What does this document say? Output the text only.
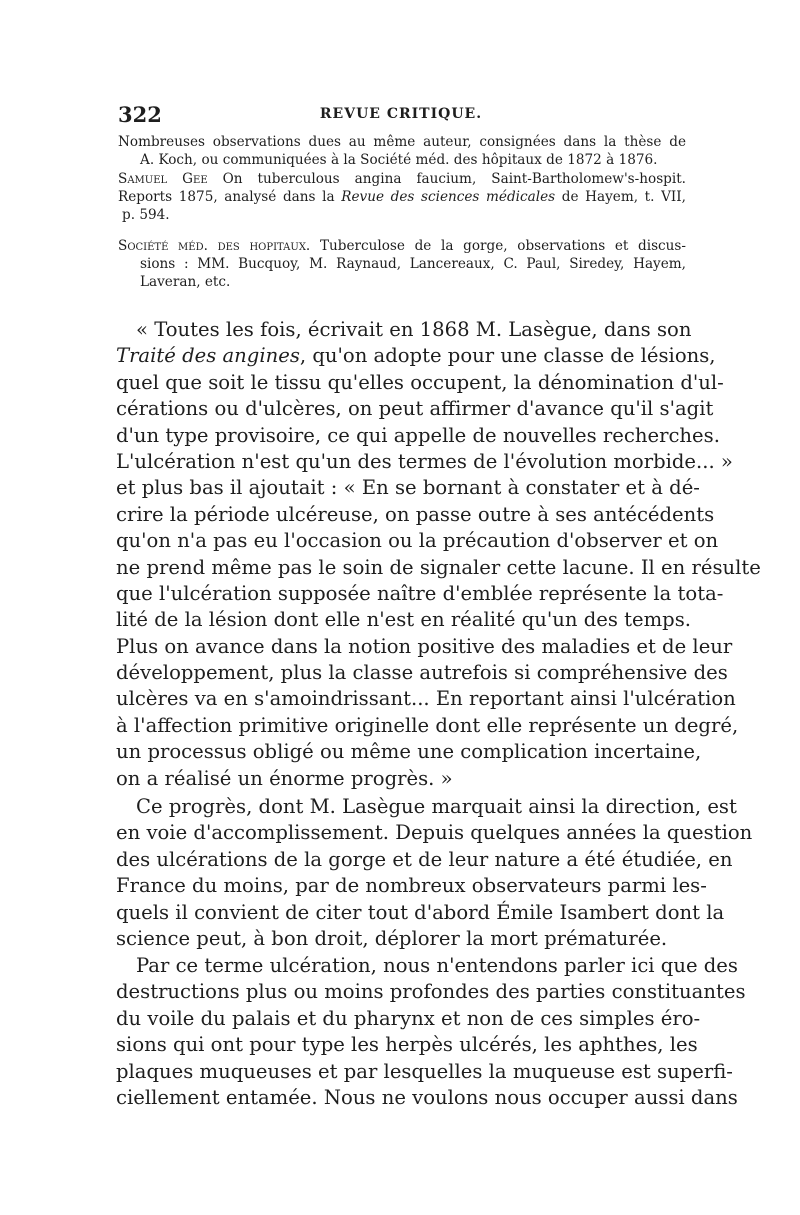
322	REVUE CRITIQUE.

Nombreuses observations dues au même auteur, consignées dans la thèse de

A. Koch, ou communiquées à la Société méd. des hôpitaux de 1872 à 1876.

Samuel Gee On tuberculous angina faucium, Saint-Bartholomew's-hospit.

Reports 1875, analysé dans la Revue des sciences médicales de Hayem, t. VII,

p. 594.

Société méd. des hopitaux. Tuberculose de la gorge, observations et discus-

sions : MM. Bucquoy, M. Raynaud, Lancereaux, C. Paul, Siredey, Hayem,

Laveran, etc.

« Toutes les fois, écrivait en 1868 M. Lasègue, dans son
Traité des angines, qu'on adopte pour une classe de lésions,
quel que soit le tissu qu'elles occupent, la dénomination d'ul-
cérations ou d'ulcères, on peut affirmer d'avance qu'il s'agit
d'un type provisoire, ce qui appelle de nouvelles recherches.
L'ulcération n'est qu'un des termes de l'évolution morbide... »
et plus bas il ajoutait : « En se bornant à constater et à dé-
crire la période ulcéreuse, on passe outre à ses antécédents
qu'on n'a pas eu l'occasion ou la précaution d'observer et on
ne prend même pas le soin de signaler cette lacune. Il en résulte
que l'ulcération supposée naître d'emblée représente la tota-
lité de la lésion dont elle n'est en réalité qu'un des temps.
Plus on avance dans la notion positive des maladies et de leur
développement, plus la classe autrefois si compréhensive des
ulcères va en s'amoindrissant... En reportant ainsi l'ulcération
à l'affection primitive originelle dont elle représente un degré,
un processus obligé ou même une complication incertaine,
on a réalisé un énorme progrès. »
Ce progrès, dont M. Lasègue marquait ainsi la direction, est
en voie d'accomplissement. Depuis quelques années la question
des ulcérations de la gorge et de leur nature a été étudiée, en
France du moins, par de nombreux observateurs parmi les-
quels il convient de citer tout d'abord Émile Isambert dont la
science peut, à bon droit, déplorer la mort prématurée.
Par ce terme ulcération, nous n'entendons parler ici que des
destructions plus ou moins profondes des parties constituantes
du voile du palais et du pharynx et non de ces simples éro-
sions qui ont pour type les herpès ulcérés, les aphthes, les
plaques muqueuses et par lesquelles la muqueuse est superfi-
ciellement entamée. Nous ne voulons nous occuper aussi dans
